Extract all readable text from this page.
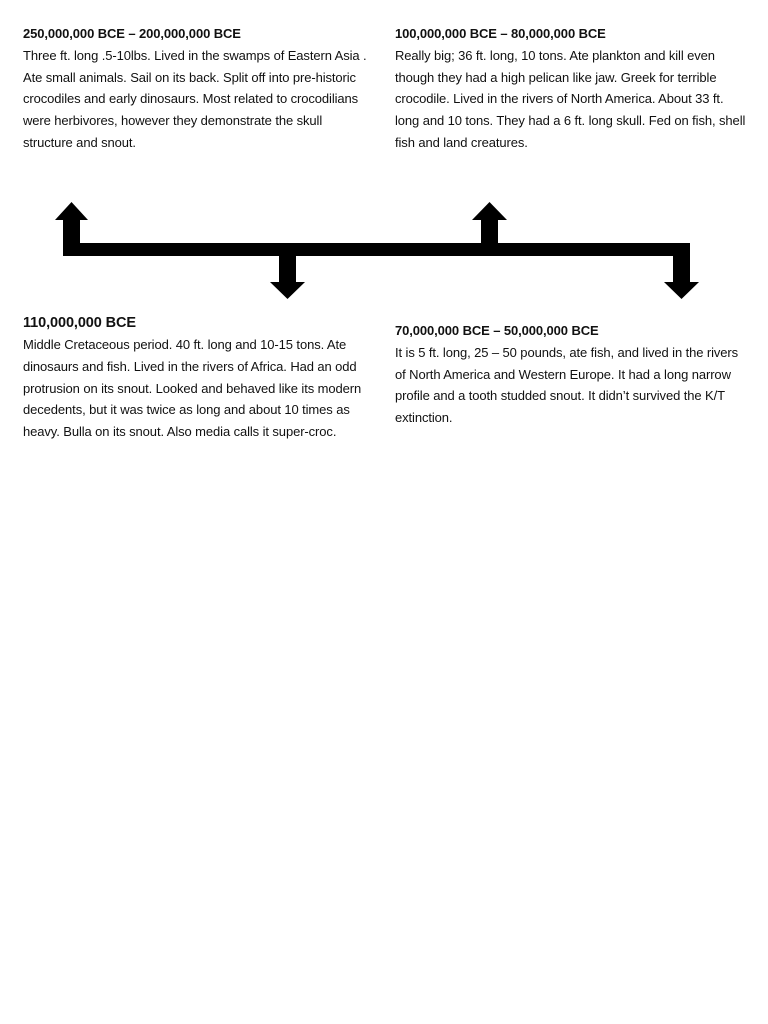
250,000,000 BCE – 200,000,000 BCE

Three ft. long .5-10lbs. Lived in the swamps of Eastern Asia . Ate small animals. Sail on its back. Split off into pre-historic crocodiles and early dinosaurs. Most related to crocodilians were herbivores, however they demonstrate the skull structure and snout.

100,000,000 BCE – 80,000,000 BCE

Really big; 36 ft. long, 10 tons. Ate plankton and kill even though they had a high pelican like jaw. Greek for terrible crocodile. Lived in the rivers of North America. About 33 ft. long and 10 tons. They had a 6 ft. long skull. Fed on fish, shell fish and land creatures.

110,000,000 BCE

Middle Cretaceous period. 40 ft. long and 10-15 tons. Ate dinosaurs and fish. Lived in the rivers of Africa. Had an odd protrusion on its snout. Looked and behaved like its modern decedents, but it was twice as long and about 10 times as heavy. Bulla on its snout. Also media calls it super-croc.

70,000,000 BCE – 50,000,000 BCE

It is 5 ft. long, 25 – 50 pounds, ate fish, and lived in the rivers of North America and Western Europe. It had a long narrow profile and a tooth studded snout. It didn’t survived the K/T extinction.
